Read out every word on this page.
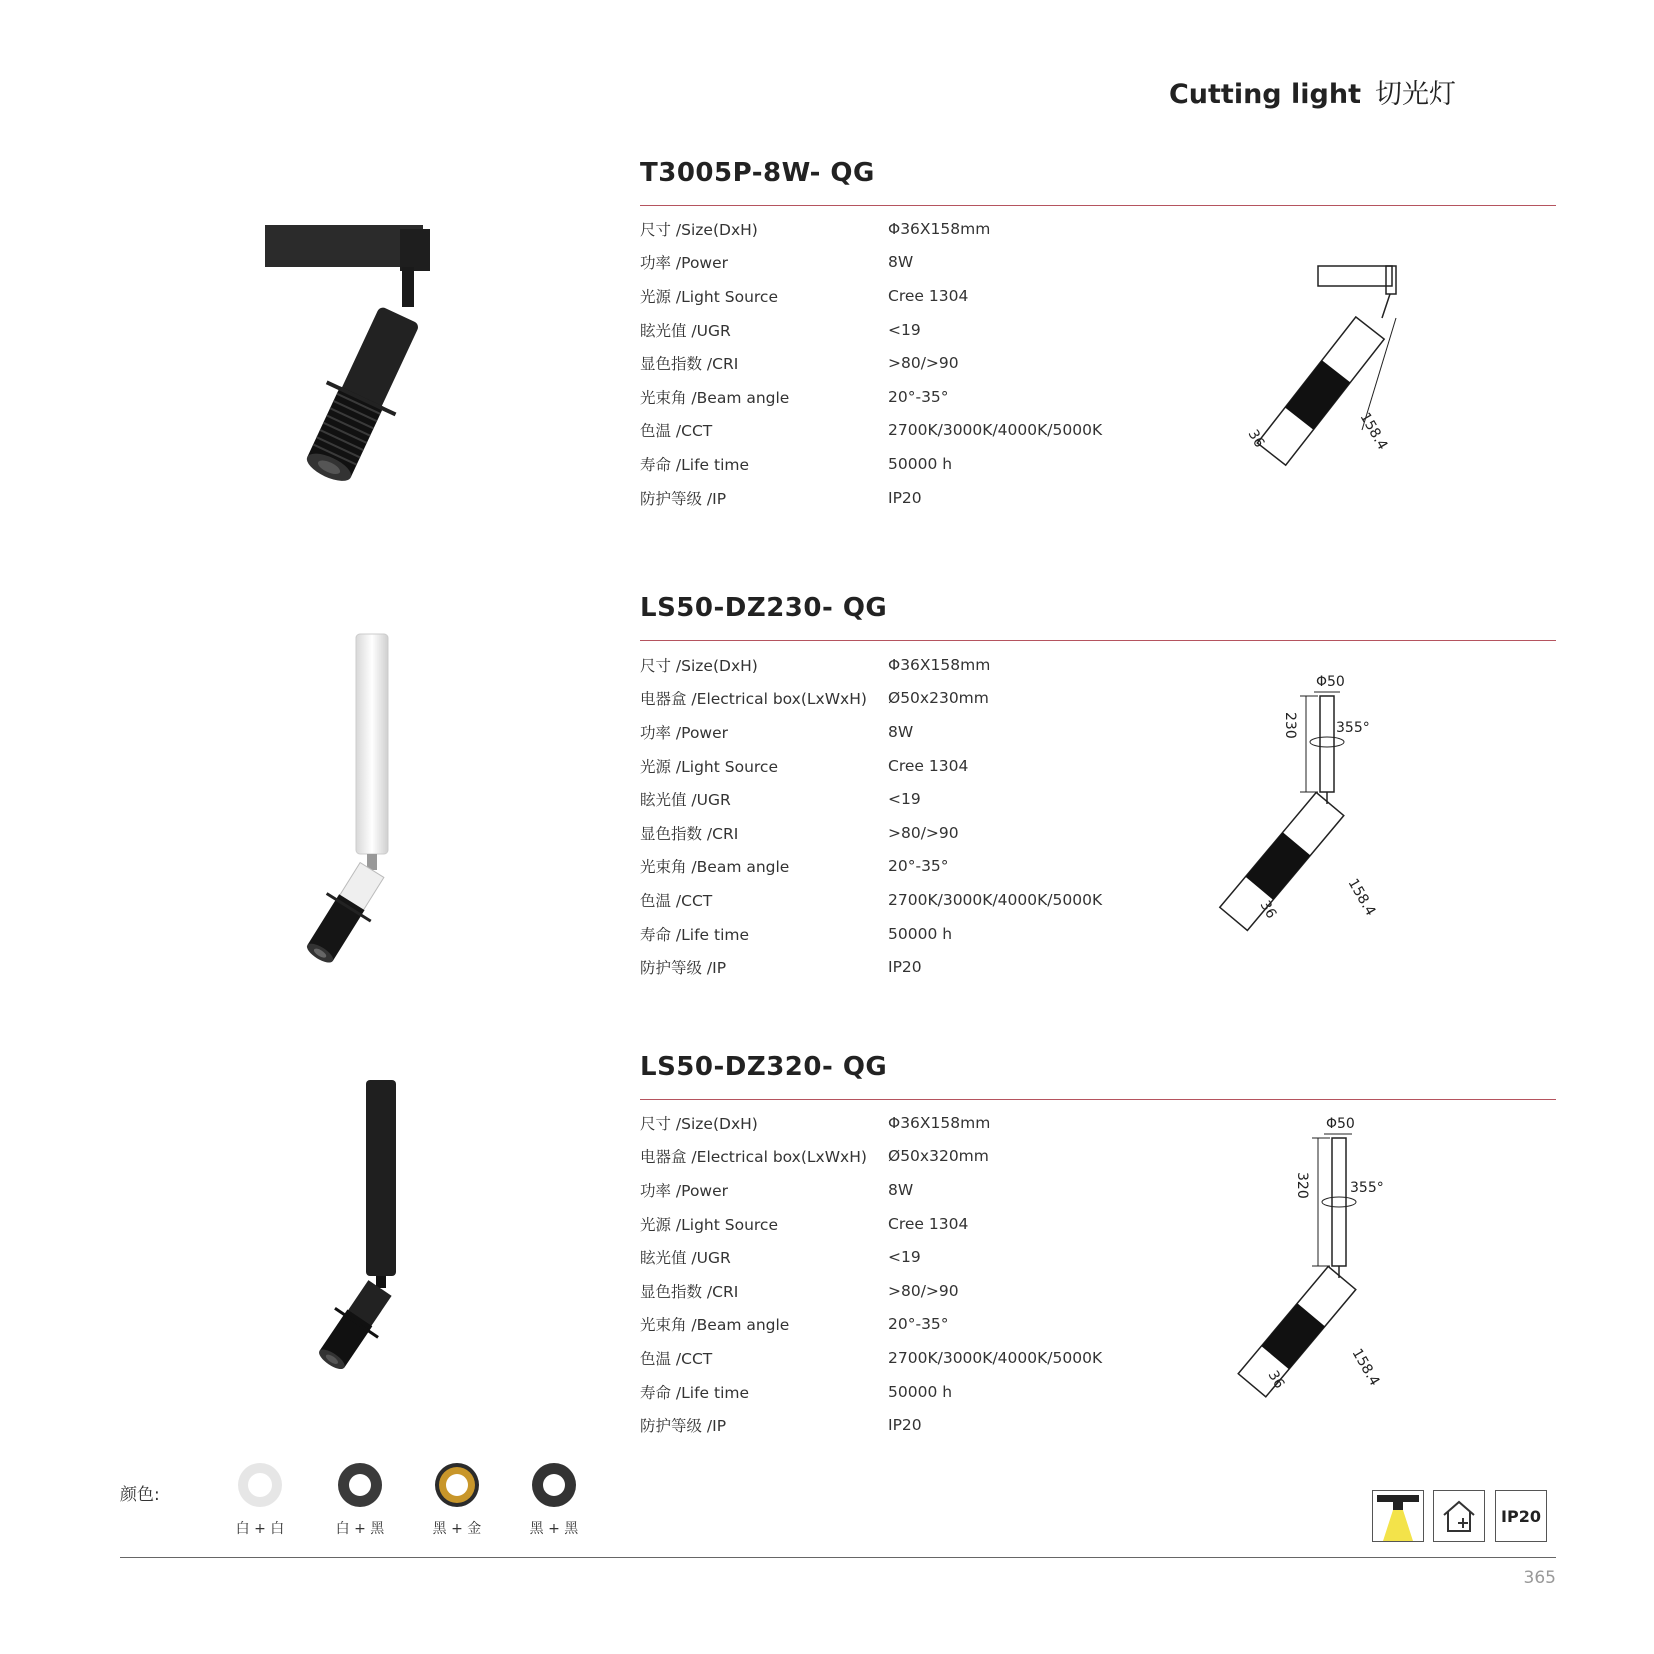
Cutting light 切光灯
T3005P-8W- QG
尺寸 /Size(DxH)	Φ36X158mm
功率 /Power	8W
光源 /Light Source	Cree 1304
眩光值 /UGR	<19
显色指数 /CRI	>80/>90
光束角 /Beam angle	20°-35°
色温 /CCT	2700K/3000K/4000K/5000K
寿命 /Life time	50000 h
防护等级 /IP	IP20
158.4
36
LS50-DZ230- QG
尺寸 /Size(DxH)	Φ36X158mm
电器盒 /Electrical box(LxWxH)	Ø50x230mm
功率 /Power	8W
光源 /Light Source	Cree 1304
眩光值 /UGR	<19
显色指数 /CRI	>80/>90
光束角 /Beam angle	20°-35°
色温 /CCT	2700K/3000K/4000K/5000K
寿命 /Life time	50000 h
防护等级 /IP	IP20
Φ50
230	355°
158.4
36
LS50-DZ320- QG
尺寸 /Size(DxH)	Φ36X158mm
电器盒 /Electrical box(LxWxH)	Ø50x320mm
功率 /Power	8W
光源 /Light Source	Cree 1304
眩光值 /UGR	<19
显色指数 /CRI	>80/>90
光束角 /Beam angle	20°-35°
色温 /CCT	2700K/3000K/4000K/5000K
寿命 /Life time	50000 h
防护等级 /IP	IP20
Φ50
320	355°
158.4
36
颜色:
白 + 白	白 + 黑	黑 + 金	黑 + 黑
IP20
365
